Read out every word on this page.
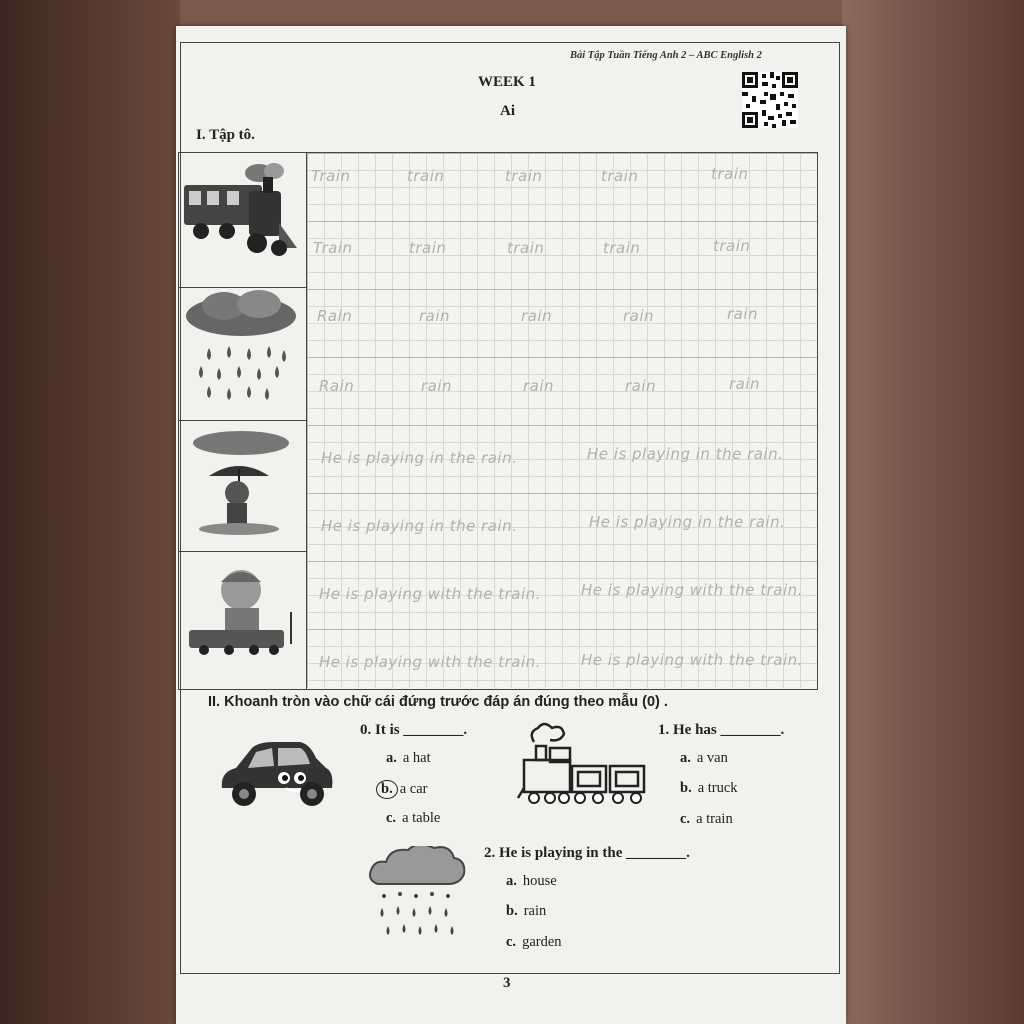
Bài Tập Tuần Tiếng Anh 2 – ABC English 2
WEEK 1
Ai
I. Tập tô.
Train	train	train	train	train
Train	train	train	train	train
Rain	rain	rain	rain	rain
Rain	rain	rain	rain	rain
He is playing in the rain.	He is playing in the rain.
He is playing in the rain.	He is playing in the rain.
He is playing with the train.	He is playing with the train.
He is playing with the train.	He is playing with the train.
II. Khoanh tròn vào chữ cái đứng trước đáp án đúng theo mẫu (0) .
0. It is ________.
a. a hat
b. a car
c. a table
1. He has ________.
a. a van
b. a truck
c. a train
2. He is playing in the ________.
a. house
b. rain
c. garden
3
